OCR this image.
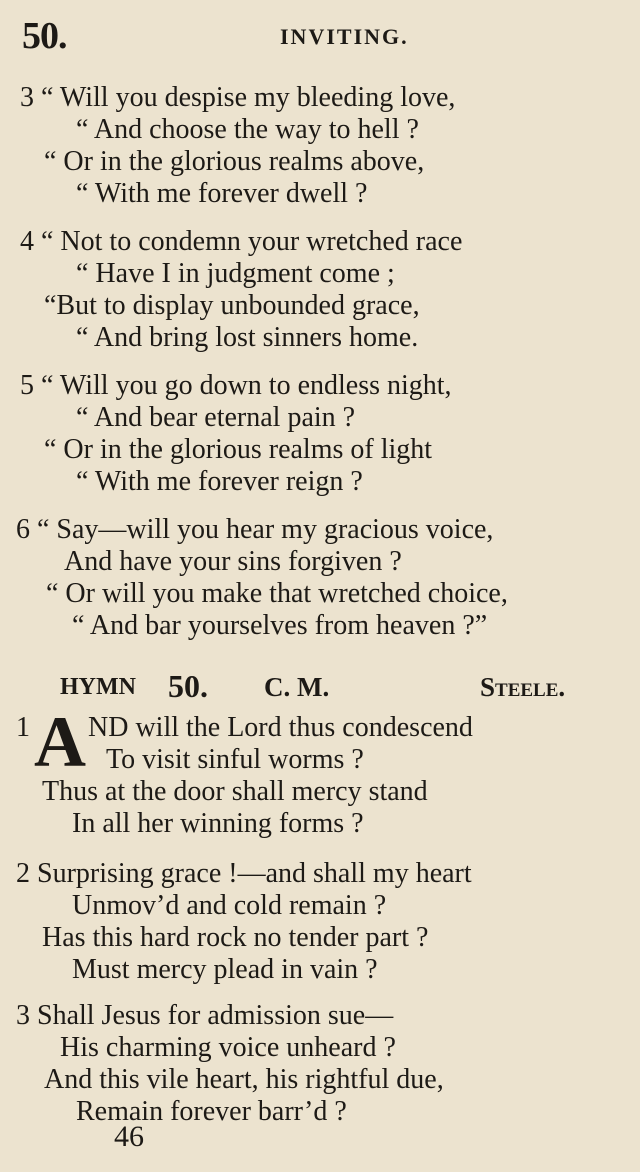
50.	INVITING.
3 “ Will you despise my bleeding love,
“ And choose the way to hell ?
“ Or in the glorious realms above,
“ With me forever dwell ?
4 “ Not to condemn your wretched race
“ Have I in judgment come ;
“But to display unbounded grace,
“ And bring lost sinners home.
5 “ Will you go down to endless night,
“ And bear eternal pain ?
“ Or in the glorious realms of light
“ With me forever reign ?
6 “ Say—will you hear my gracious voice,
And have your sins forgiven ?
“ Or will you make that wretched choice,
“ And bar yourselves from heaven ?”
HYMN 50. C. M.	Steele.
1 A ND will the Lord thus condescend
To visit sinful worms ?
Thus at the door shall mercy stand
In all her winning forms ?
2 Surprising grace !—and shall my heart
Unmov’d and cold remain ?
Has this hard rock no tender part ?
Must mercy plead in vain ?
3 Shall Jesus for admission sue—
His charming voice unheard ?
And this vile heart, his rightful due,
Remain forever barr’d ?
46
